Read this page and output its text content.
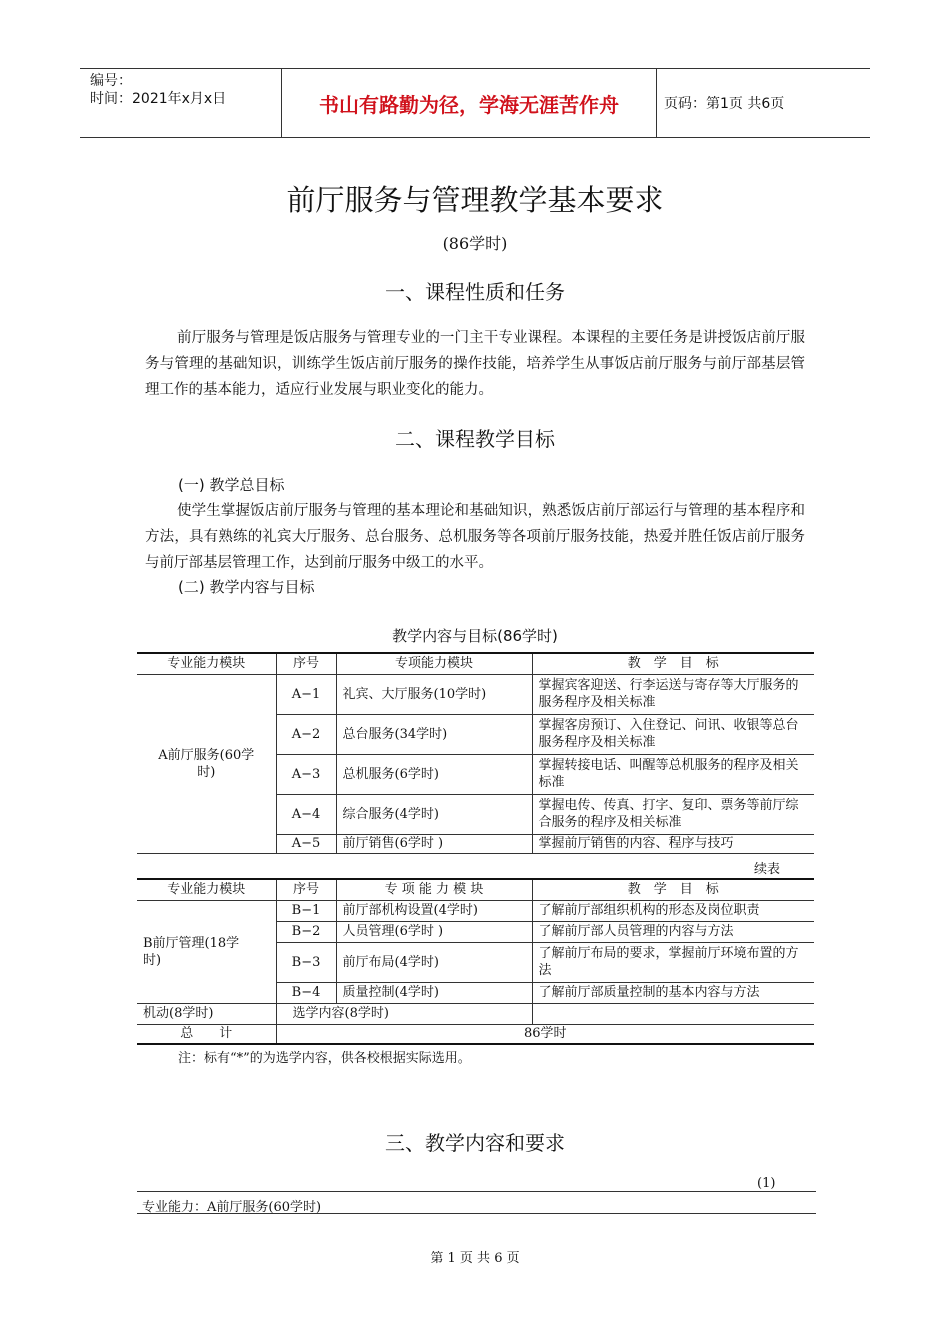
编号：
时间：2021年x月x日	书山有路勤为径，学海无涯苦作舟	页码：第1页 共6页
前厅服务与管理教学基本要求
(86学时)
一、课程性质和任务
前厅服务与管理是饭店服务与管理专业的一门主干专业课程。本课程的主要任务是讲授饭店前厅服务与管理的基础知识，训练学生饭店前厅服务的操作技能，培养学生从事饭店前厅服务与前厅部基层管理工作的基本能力，适应行业发展与职业变化的能力。
二、课程教学目标
(一) 教学总目标
使学生掌握饭店前厅服务与管理的基本理论和基础知识，熟悉饭店前厅部运行与管理的基本程序和方法，具有熟练的礼宾大厅服务、总台服务、总机服务等各项前厅服务技能，热爱并胜任饭店前厅服务与前厅部基层管理工作，达到前厅服务中级工的水平。
(二) 教学内容与目标
教学内容与目标(86学时)
专业能力模块	序号	专项能力模块	教　学　目　标
A前厅服务(60学时)	A−1	礼宾、大厅服务(10学时)	掌握宾客迎送、行李运送与寄存等大厅服务的服务程序及相关标准
	A−2	总台服务(34学时)	掌握客房预订、入住登记、问讯、收银等总台服务程序及相关标准
	A−3	总机服务(6学时)	掌握转接电话、叫醒等总机服务的程序及相关标准
	A−4	综合服务(4学时)	掌握电传、传真、打字、复印、票务等前厅综合服务的程序及相关标准
	A−5	前厅销售(6学时 )	掌握前厅销售的内容、程序与技巧
续表
专业能力模块	序号	专 项 能 力 模 块	教　学　目　标
B前厅管理(18学时)	B−1	前厅部机构设置(4学时)	了解前厅部组织机构的形态及岗位职责
	B−2	人员管理(6学时 )	了解前厅部人员管理的内容与方法
	B−3	前厅布局(4学时)	了解前厅布局的要求，掌握前厅环境布置的方法
	B−4	质量控制(4学时)	了解前厅部质量控制的基本内容与方法
机动(8学时)	选学内容(8学时)		
总　　计	86学时		
注：标有“*”的为选学内容，供各校根据实际选用。
三、教学内容和要求
(1)
专业能力：A前厅服务(60学时)
第 1 页 共 6 页
